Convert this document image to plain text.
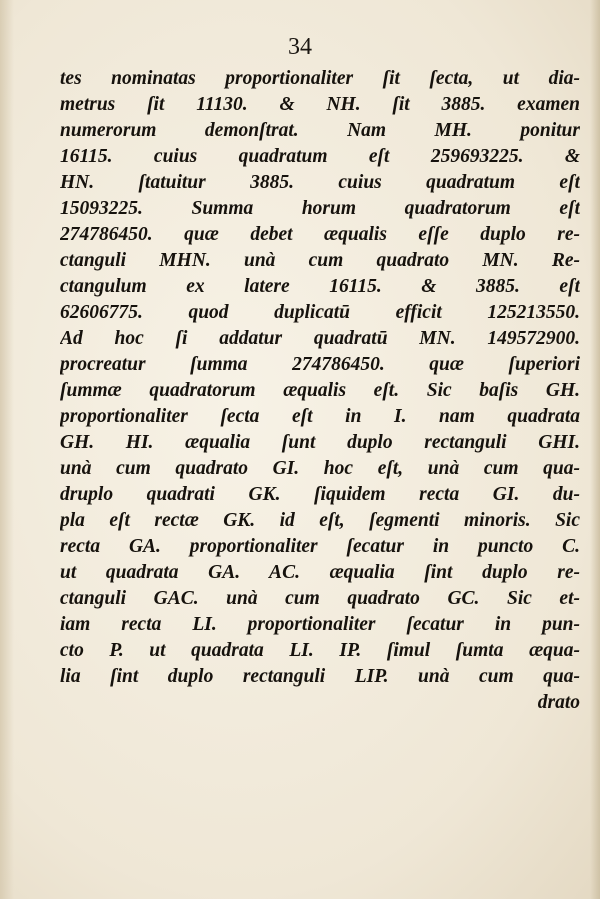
34
tes nominatas proportionaliter ſit ſecta, ut dia-
metrus ſit 11130. & NH. ſit 3885. examen
numerorum demonſtrat. Nam MH. ponitur
16115. cuius quadratum eſt 259693225. &
HN. ſtatuitur 3885. cuius quadratum eſt
15093225. Summa horum quadratorum eſt
274786450. quæ debet æqualis eſſe duplo re-
ctanguli MHN. unà cum quadrato MN. Re-
ctangulum ex latere 16115. & 3885. eſt
62606775. quod duplicatū efficit 125213550.
Ad hoc ſi addatur quadratū MN. 149572900.
procreatur ſumma 274786450. quæ ſuperiori
ſummæ quadratorum æqualis eſt. Sic baſis GH.
proportionaliter ſecta eſt in I. nam quadrata
GH. HI. æqualia ſunt duplo rectanguli GHI.
unà cum quadrato GI. hoc eſt, unà cum qua-
druplo quadrati GK. ſiquidem recta GI. du-
pla eſt rectæ GK. id eſt, ſegmenti minoris. Sic
recta GA. proportionaliter ſecatur in puncto C.
ut quadrata GA. AC. æqualia ſint duplo re-
ctanguli GAC. unà cum quadrato GC. Sic et-
iam recta LI. proportionaliter ſecatur in pun-
cto P. ut quadrata LI. IP. ſimul ſumta æqua-
lia ſint duplo rectanguli LIP. unà cum qua-
drato
